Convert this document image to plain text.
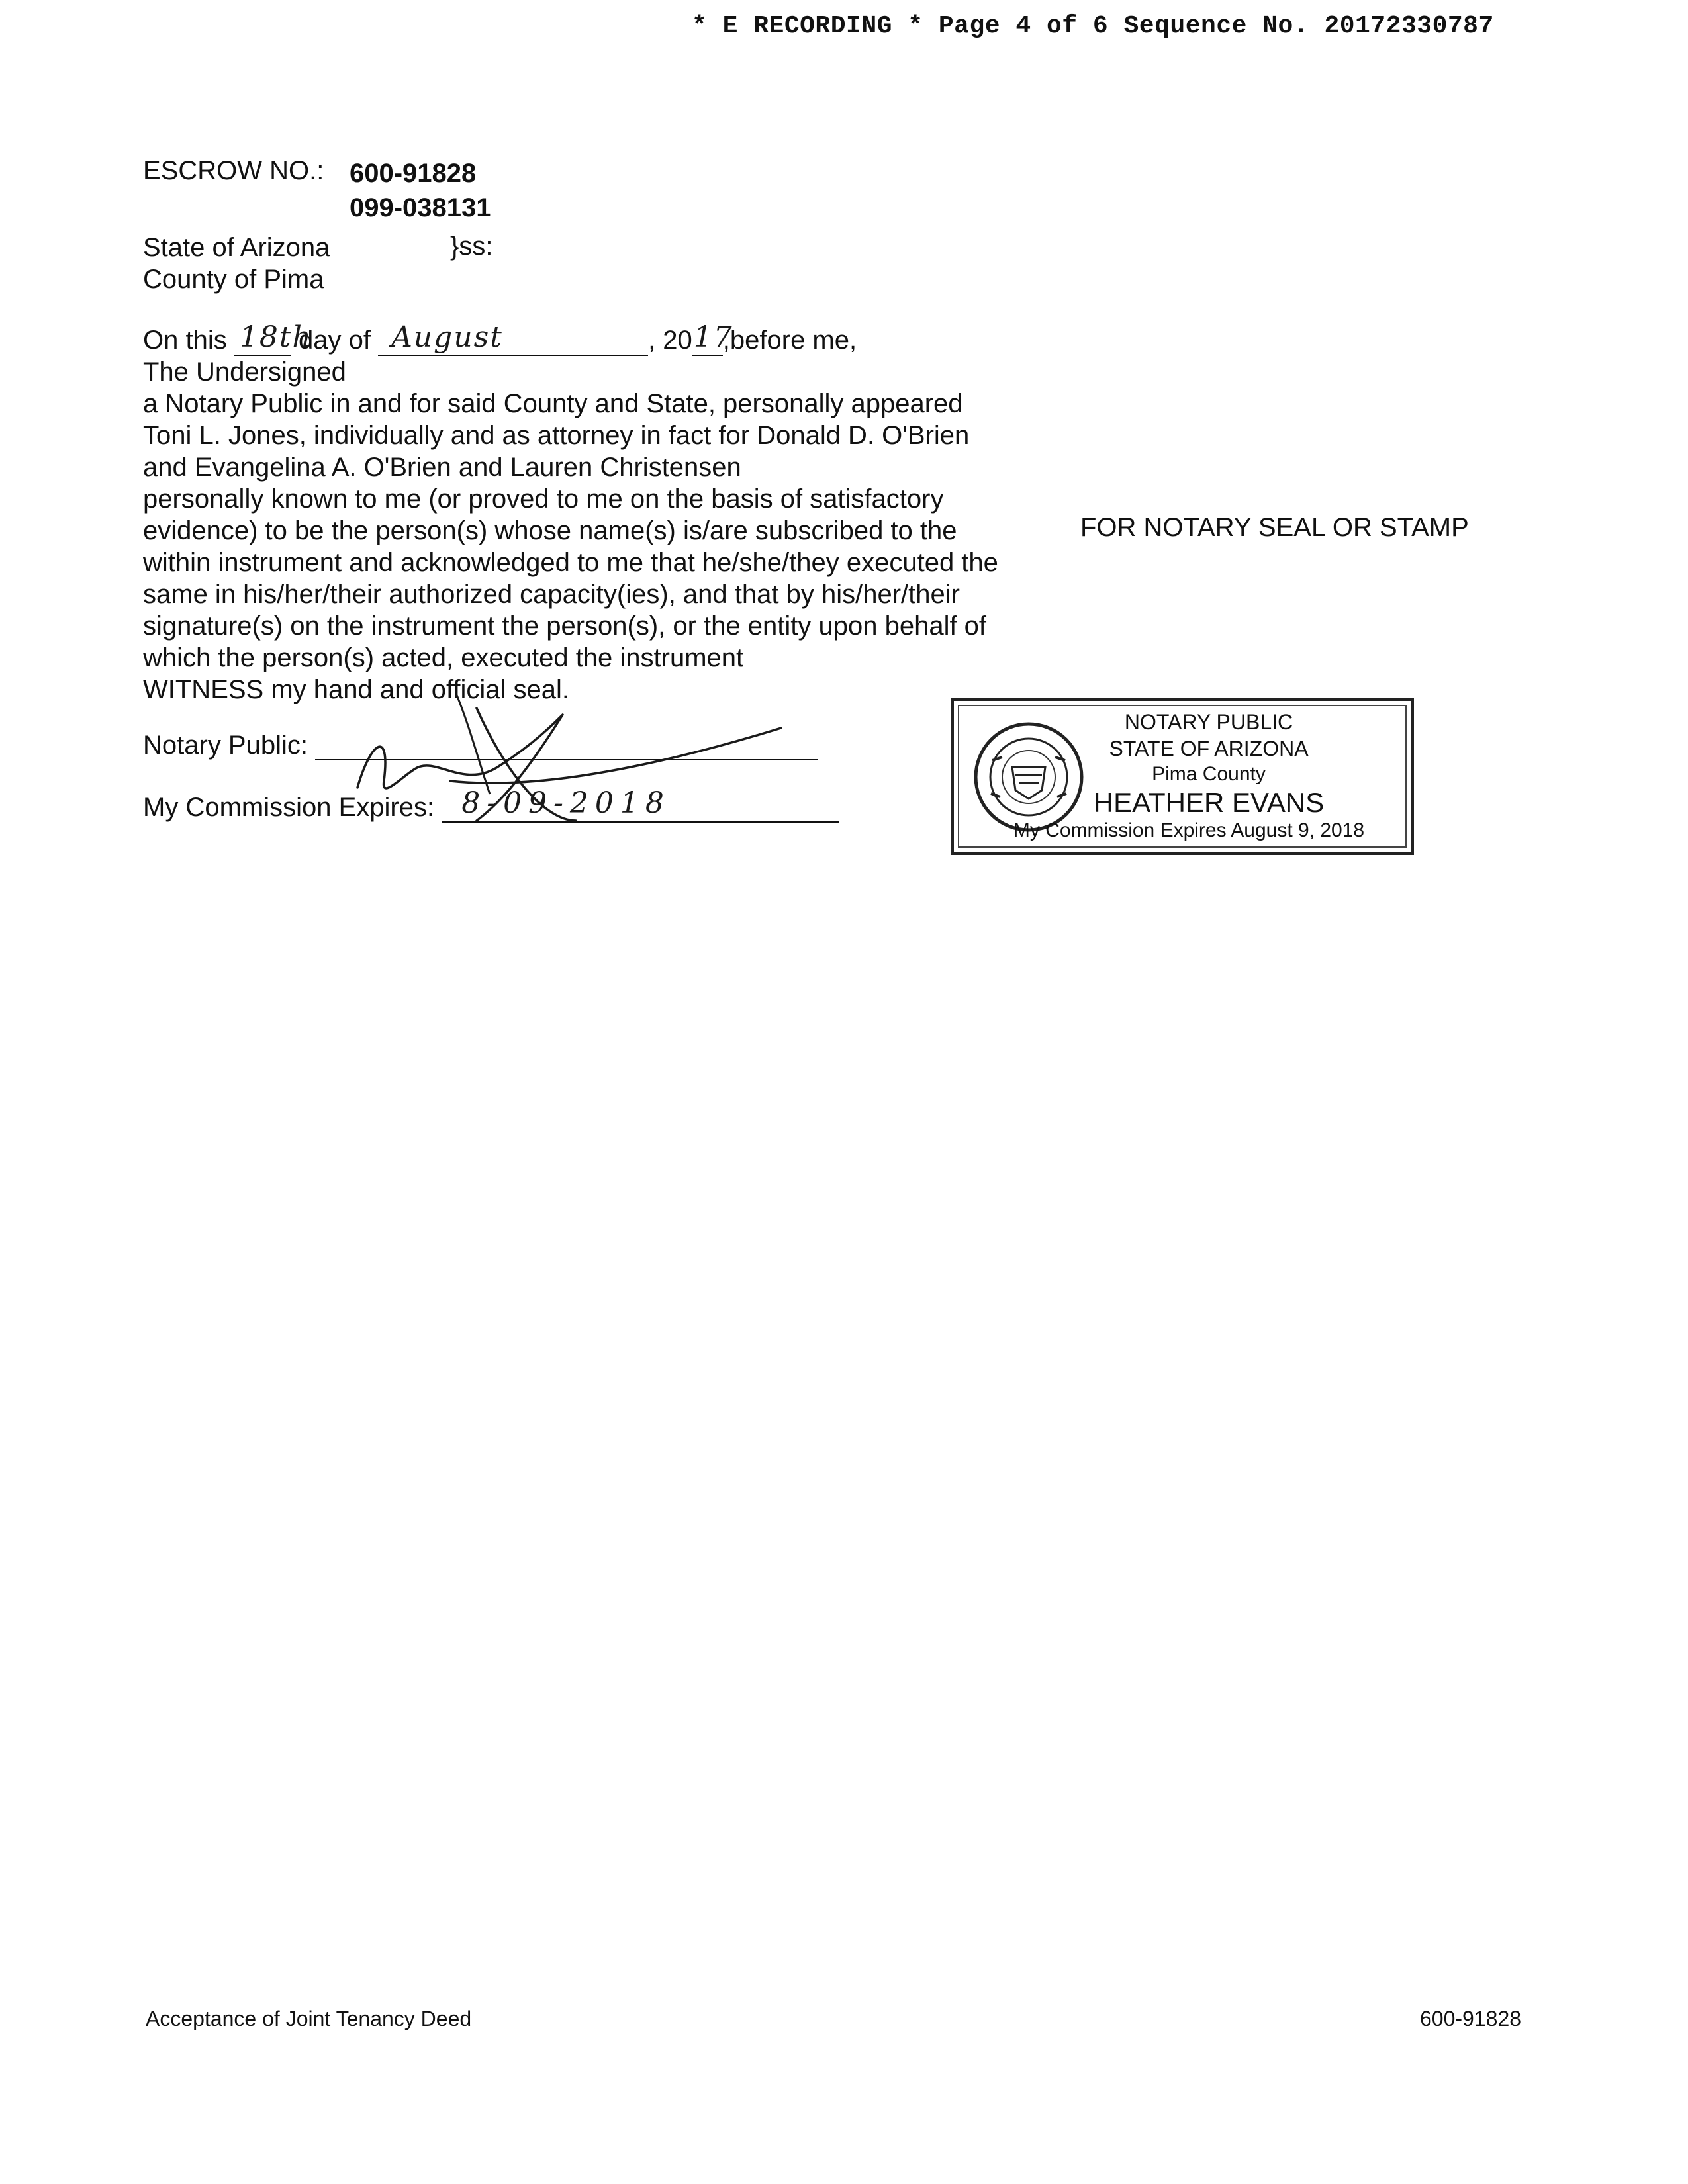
* E RECORDING * Page 4 of 6 Sequence No. 20172330787
ESCROW NO.: 600-91828
099-038131
State of Arizona
County of Pima
}ss:
On this 18th
day of August	, 20 17
,before me,
The Undersigned
a Notary Public in and for said County and State, personally appeared
Toni L. Jones, individually and as attorney in fact for Donald D. O'Brien
and Evangelina A. O'Brien and Lauren Christensen
personally known to me (or proved to me on the basis of satisfactory
evidence) to be the person(s) whose name(s) is/are subscribed to the
within instrument and acknowledged to me that he/she/they executed the
same in his/her/their authorized capacity(ies), and that by his/her/their
signature(s) on the instrument the person(s), or the entity upon behalf of
which the person(s) acted, executed the instrument
WITNESS my hand and official seal.
FOR NOTARY SEAL OR STAMP
Notary Public:
My Commission Expires: 8-09-2018
NOTARY PUBLIC
STATE OF ARIZONA
Pima County
HEATHER EVANS
My Commission Expires August 9, 2018
Acceptance of Joint Tenancy Deed	600-91828
